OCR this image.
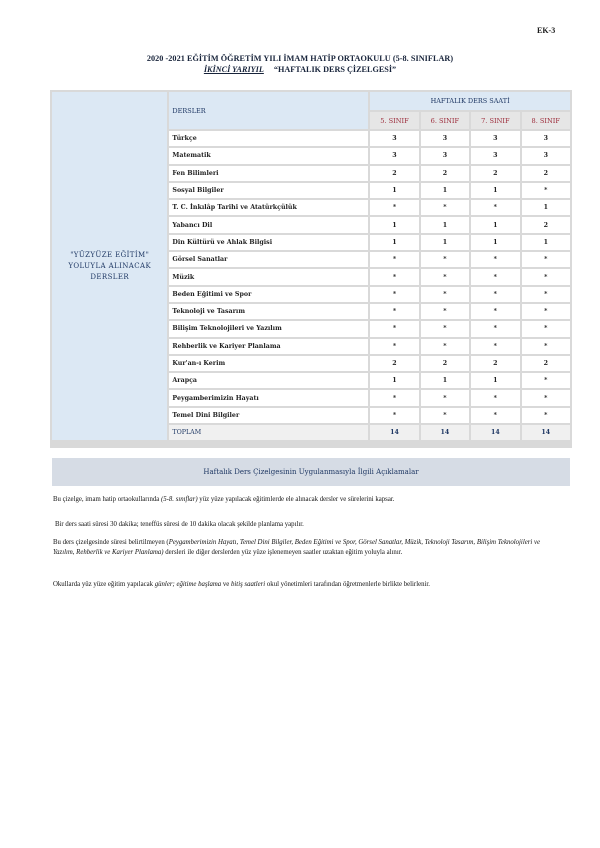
EK-3
2020 -2021 EĞİTİM ÖĞRETİM YILI İMAM HATİP ORTAOKULU (5-8. SINIFLAR)
İKİNCİ YARIYIL “HAFTALIK DERS ÇİZELGESİ”
"YÜZYÜZE EĞİTİM"
YOLUYLA ALINACAK
DERSLER	DERSLER	HAFTALIK DERS SAATİ			
		5. SINIF	6. SINIF	7. SINIF	8. SINIF
	Türkçe	3	3	3	3
	Matematik	3	3	3	3
	Fen Bilimleri	2	2	2	2
	Sosyal Bilgiler	1	1	1	*
	T. C. İnkılâp Tarihi ve Atatürkçülük	*	*	*	1
	Yabancı Dil	1	1	1	2
	Din Kültürü ve Ahlak Bilgisi	1	1	1	1
	Görsel Sanatlar	*	*	*	*
	Müzik	*	*	*	*
	Beden Eğitimi ve Spor	*	*	*	*
	Teknoloji ve Tasarım	*	*	*	*
	Bilişim Teknolojileri ve Yazılım	*	*	*	*
	Rehberlik ve Kariyer Planlama	*	*	*	*
	Kur'an-ı Kerim	2	2	2	2
	Arapça	1	1	1	*
	Peygamberimizin Hayatı	*	*	*	*
	Temel Dini Bilgiler	*	*	*	*
	TOPLAM	14	14	14	14
Haftalık Ders Çizelgesinin Uygulanmasıyla İlgili Açıklamalar
Bu çizelge, imam hatip ortaokullarında (5-8. sınıflar) yüz yüze yapılacak eğitimlerde ele alınacak dersler ve sürelerini kapsar.
Bir ders saati süresi 30 dakika; teneffüs süresi de 10 dakika olacak şekilde planlama yapılır.
Bu ders çizelgesinde süresi belirtilmeyen (Peygamberimizin Hayatı, Temel Dini Bilgiler, Beden Eğitimi ve Spor, Görsel Sanatlar, Müzik, Teknoloji Tasarım, Bilişim Teknolojileri ve Yazılım, Rehberlik ve Kariyer Planlama) dersleri ile diğer derslerden yüz yüze işlenemeyen saatler uzaktan eğitim yoluyla alınır.
Okullarda yüz yüze eğitim yapılacak günler; eğitime başlama ve bitiş saatleri okul yönetimleri tarafından öğretmenlerle birlikte belirlenir.
